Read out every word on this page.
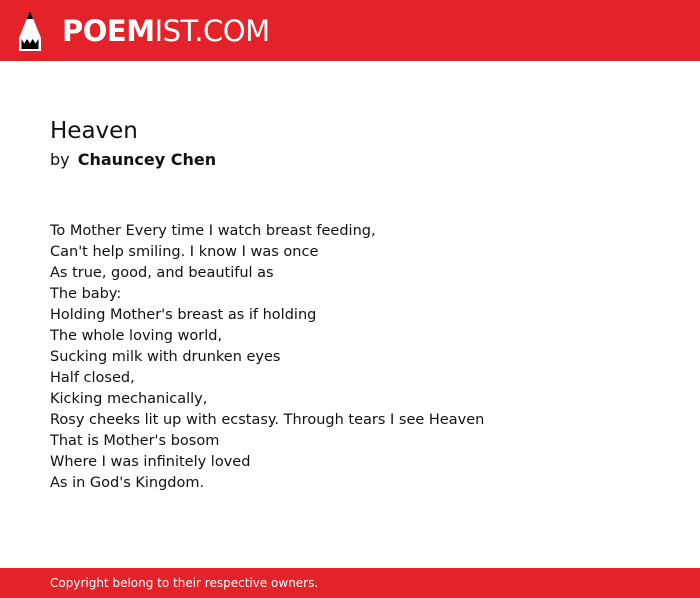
POEMIST.COM
Heaven
by Chauncey Chen
To Mother Every time I watch breast feeding,
Can't help smiling. I know I was once
As true, good, and beautiful as
The baby:
Holding Mother's breast as if holding
The whole loving world,
Sucking milk with drunken eyes
Half closed,
Kicking mechanically,
Rosy cheeks lit up with ecstasy. Through tears I see Heaven
That is Mother's bosom
Where I was infinitely loved
As in God's Kingdom.
Copyright belong to their respective owners.
